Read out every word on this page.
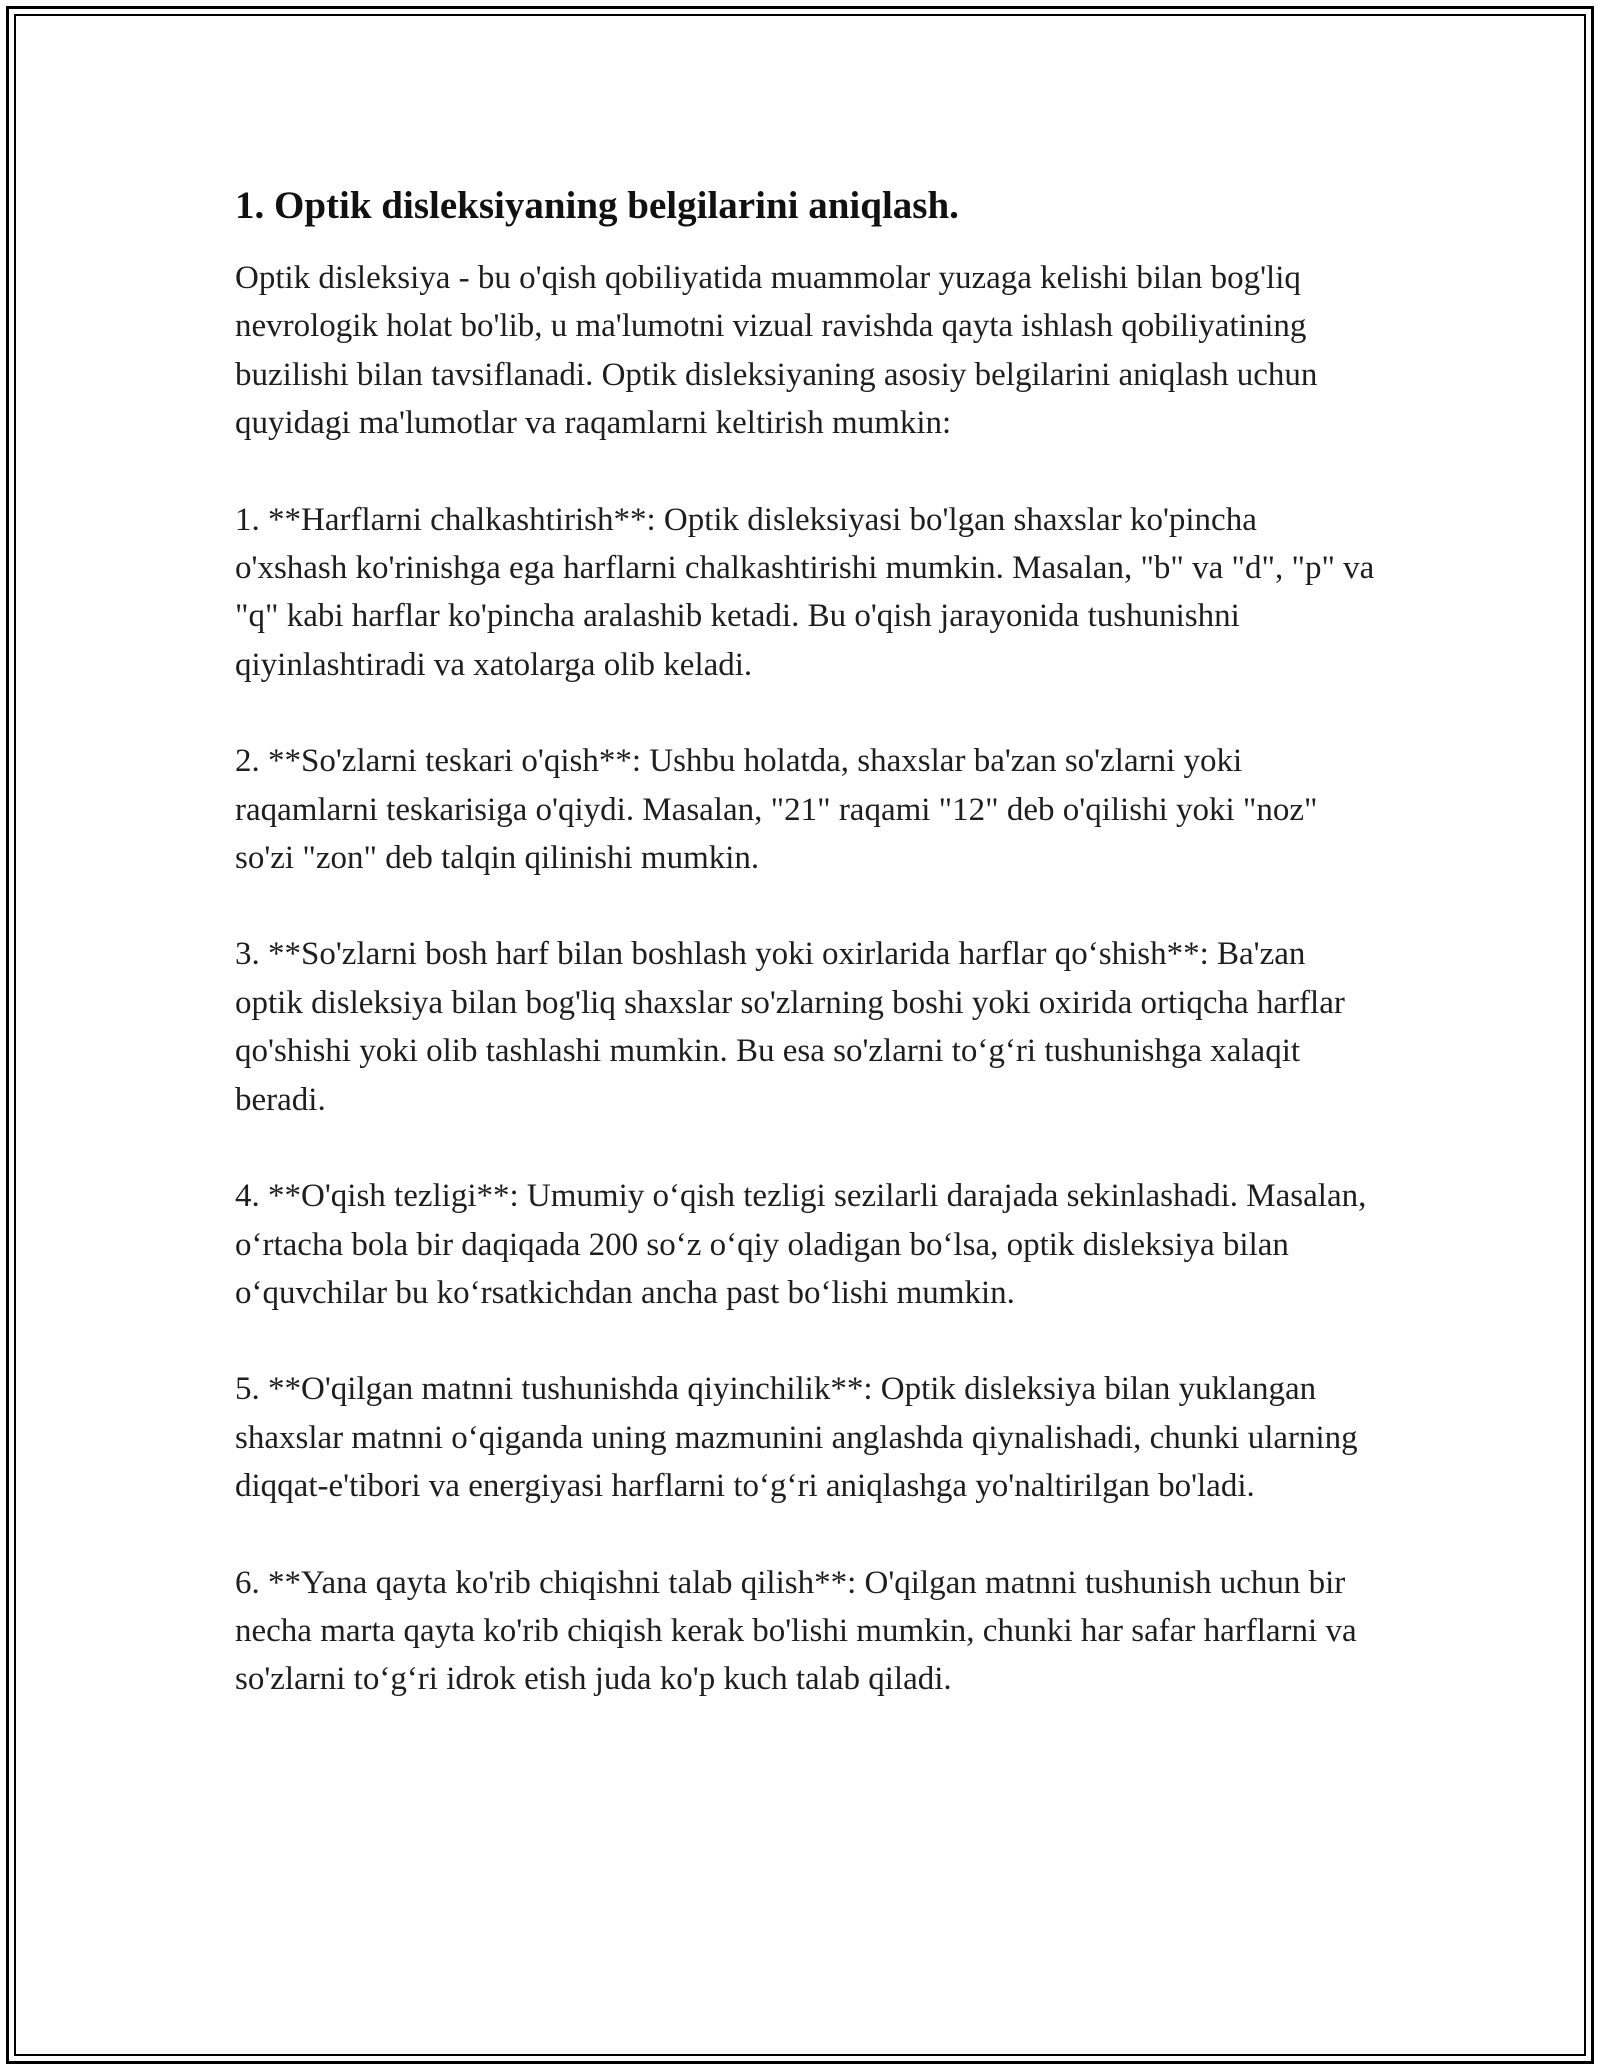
1. Optik disleksiyaning belgilarini aniqlash.

Optik disleksiya - bu o'qish qobiliyatida muammolar yuzaga kelishi bilan bog'liq nevrologik holat bo'lib, u ma'lumotni vizual ravishda qayta ishlash qobiliyatining buzilishi bilan tavsiflanadi. Optik disleksiyaning asosiy belgilarini aniqlash uchun quyidagi ma'lumotlar va raqamlarni keltirish mumkin:

1. **Harflarni chalkashtirish**: Optik disleksiyasi bo'lgan shaxslar ko'pincha o'xshash ko'rinishga ega harflarni chalkashtirishi mumkin. Masalan, "b" va "d", "p" va "q" kabi harflar ko'pincha aralashib ketadi. Bu o'qish jarayonida tushunishni qiyinlashtiradi va xatolarga olib keladi.

2. **So'zlarni teskari o'qish**: Ushbu holatda, shaxslar ba'zan so'zlarni yoki raqamlarni teskarisiga o'qiydi. Masalan, "21" raqami "12" deb o'qilishi yoki "noz" so'zi "zon" deb talqin qilinishi mumkin.

3. **So'zlarni bosh harf bilan boshlash yoki oxirlarida harflar qo‘shish**: Ba'zan optik disleksiya bilan bog'liq shaxslar so'zlarning boshi yoki oxirida ortiqcha harflar qo'shishi yoki olib tashlashi mumkin. Bu esa so'zlarni to‘g‘ri tushunishga xalaqit beradi.

4. **O'qish tezligi**: Umumiy o‘qish tezligi sezilarli darajada sekinlashadi. Masalan, o‘rtacha bola bir daqiqada 200 so‘z o‘qiy oladigan bo‘lsa, optik disleksiya bilan o‘quvchilar bu ko‘rsatkichdan ancha past bo‘lishi mumkin.

5. **O'qilgan matnni tushunishda qiyinchilik**: Optik disleksiya bilan yuklangan shaxslar matnni o‘qiganda uning mazmunini anglashda qiynalishadi, chunki ularning diqqat-e'tibori va energiyasi harflarni to‘g‘ri aniqlashga yo'naltirilgan bo'ladi.

6. **Yana qayta ko'rib chiqishni talab qilish**: O'qilgan matnni tushunish uchun bir necha marta qayta ko'rib chiqish kerak bo'lishi mumkin, chunki har safar harflarni va so'zlarni to‘g‘ri idrok etish juda ko'p kuch talab qiladi.
